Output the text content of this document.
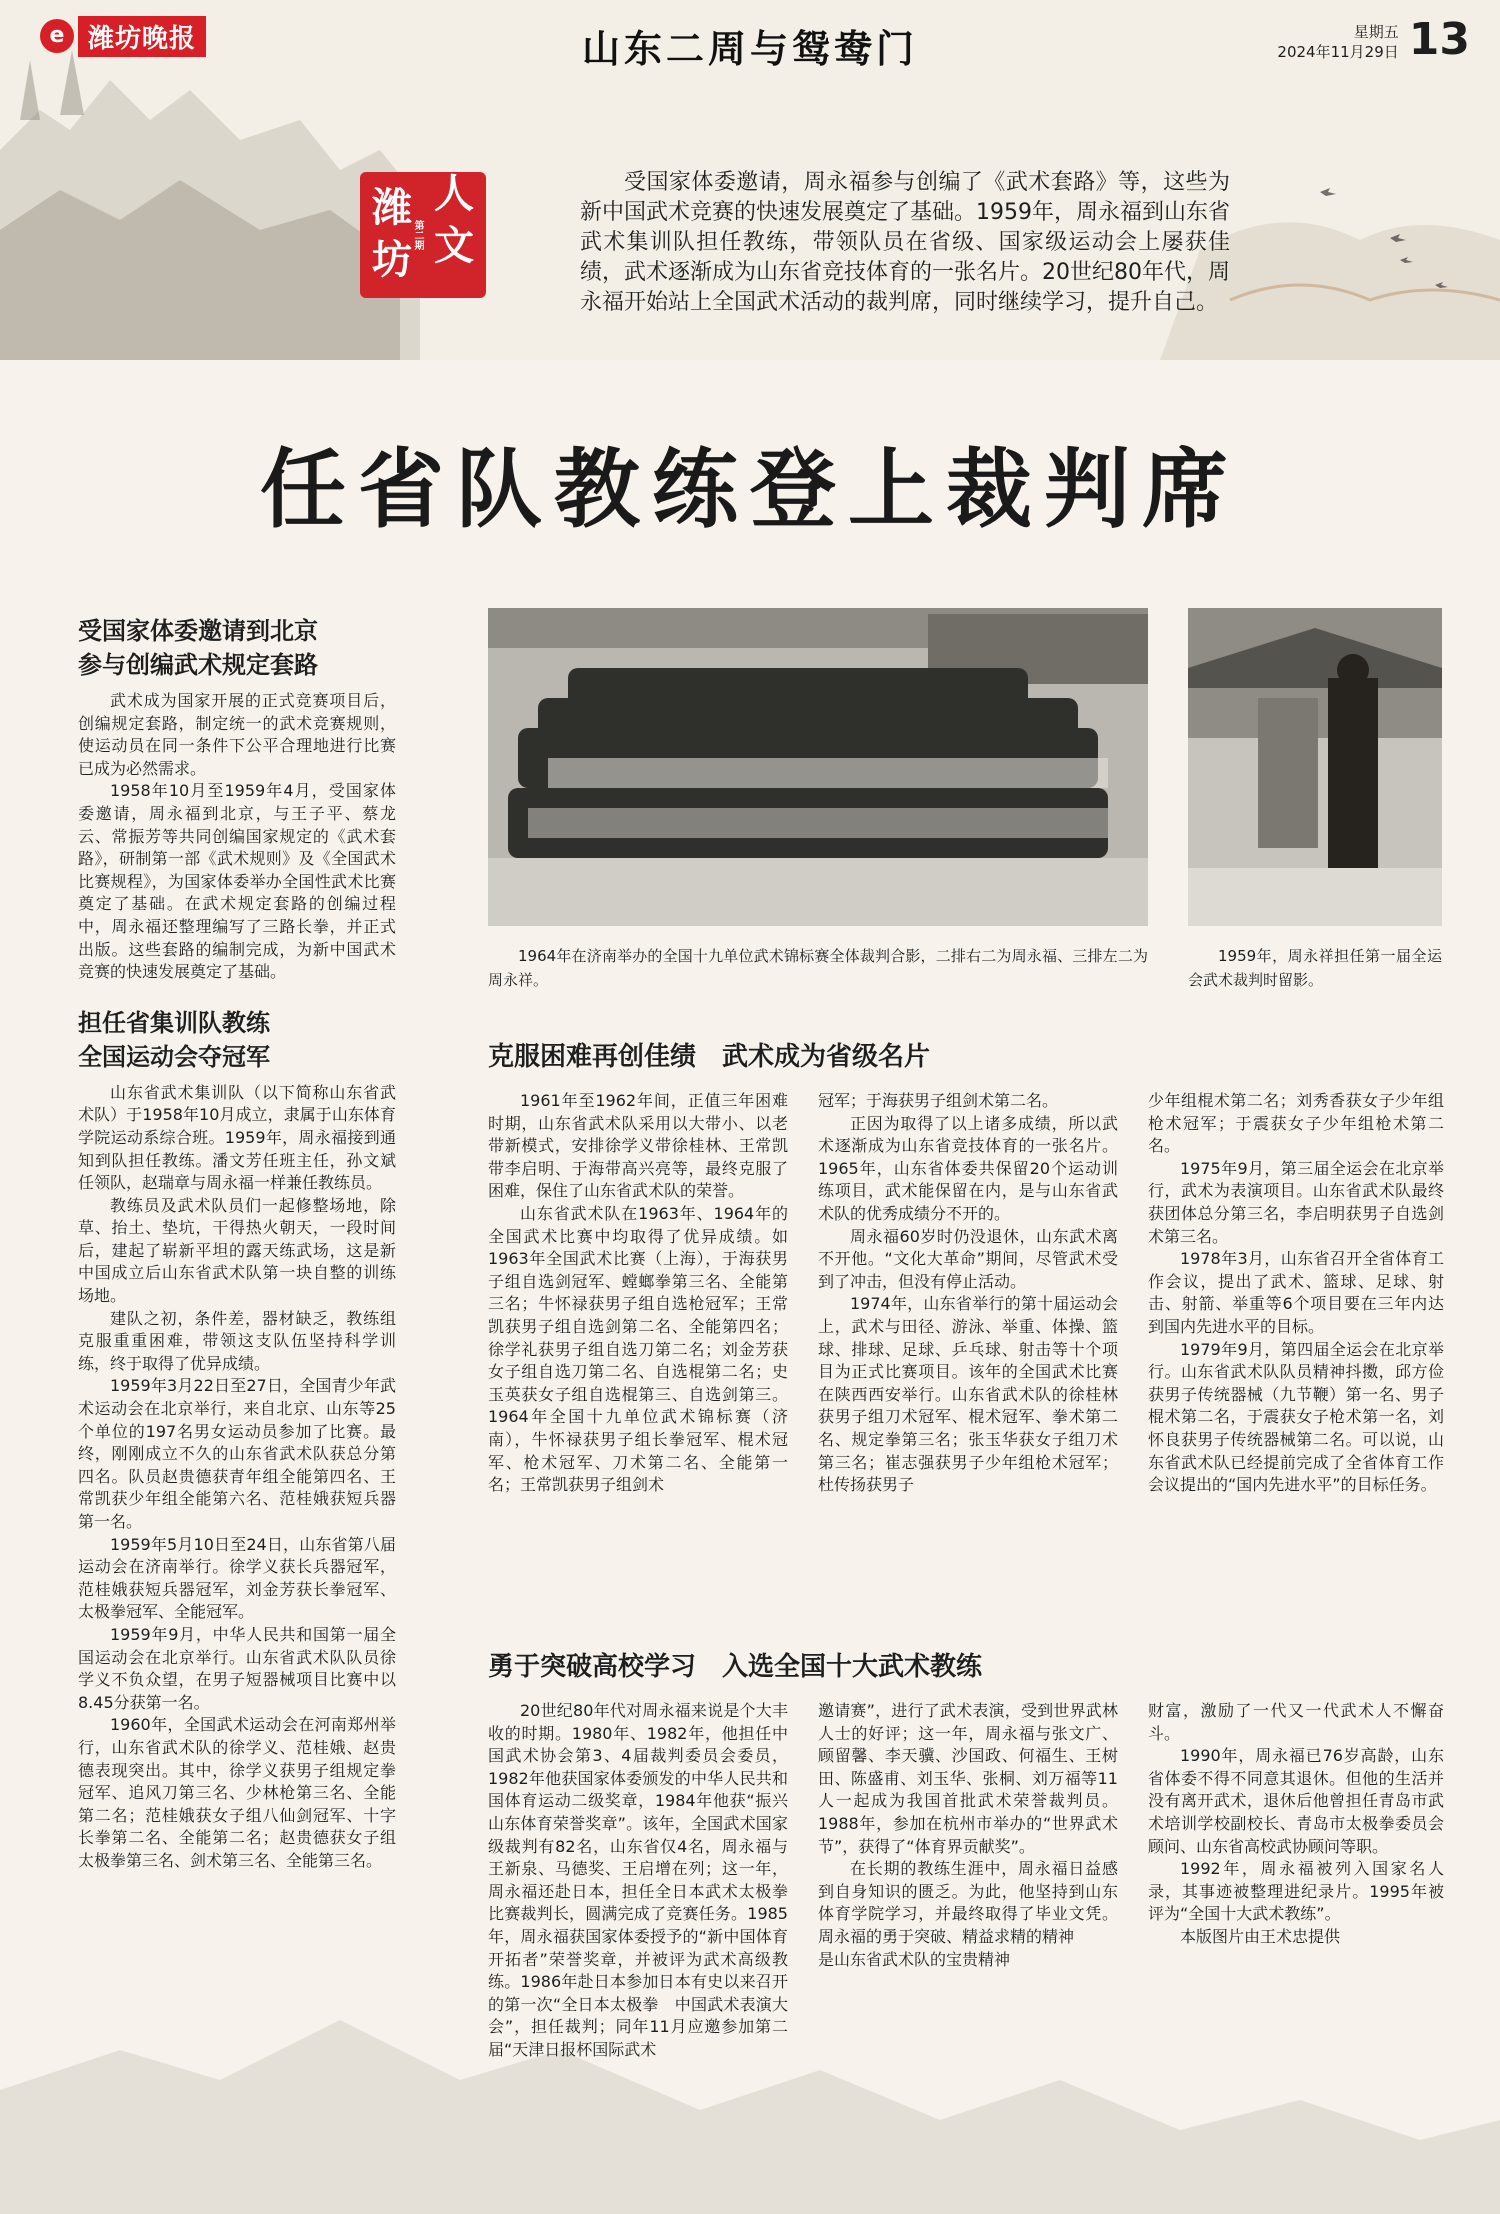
e 潍坊晚报	山东二周与鸳鸯门	星期五
2024年11月29日 13
潍 人
坊 文
第二期
受国家体委邀请，周永福参与创编了《武术套路》等，这些为新中国武术竞赛的快速发展奠定了基础。1959年，周永福到山东省武术集训队担任教练，带领队员在省级、国家级运动会上屡获佳绩，武术逐渐成为山东省竞技体育的一张名片。20世纪80年代，周永福开始站上全国武术活动的裁判席，同时继续学习，提升自己。
任省队教练登上裁判席
受国家体委邀请到北京
参与创编武术规定套路

武术成为国家开展的正式竞赛项目后，创编规定套路，制定统一的武术竞赛规则，使运动员在同一条件下公平合理地进行比赛已成为必然需求。

1958年10月至1959年4月，受国家体委邀请，周永福到北京，与王子平、蔡龙云、常振芳等共同创编国家规定的《武术套路》，研制第一部《武术规则》及《全国武术比赛规程》，为国家体委举办全国性武术比赛奠定了基础。在武术规定套路的创编过程中，周永福还整理编写了三路长拳，并正式出版。这些套路的编制完成，为新中国武术竞赛的快速发展奠定了基础。

担任省集训队教练
全国运动会夺冠军

山东省武术集训队（以下简称山东省武术队）于1958年10月成立，隶属于山东体育学院运动系综合班。1959年，周永福接到通知到队担任教练。潘文芳任班主任，孙文斌任领队，赵瑞章与周永福一样兼任教练员。

教练员及武术队员们一起修整场地，除草、抬土、垫坑，干得热火朝天，一段时间后，建起了崭新平坦的露天练武场，这是新中国成立后山东省武术队第一块自整的训练场地。

建队之初，条件差，器材缺乏，教练组克服重重困难，带领这支队伍坚持科学训练，终于取得了优异成绩。

1959年3月22日至27日，全国青少年武术运动会在北京举行，来自北京、山东等25个单位的197名男女运动员参加了比赛。最终，刚刚成立不久的山东省武术队获总分第四名。队员赵贵德获青年组全能第四名、王常凯获少年组全能第六名、范桂娥获短兵器第一名。

1959年5月10日至24日，山东省第八届运动会在济南举行。徐学义获长兵器冠军，范桂娥获短兵器冠军，刘金芳获长拳冠军、太极拳冠军、全能冠军。

1959年9月，中华人民共和国第一届全国运动会在北京举行。山东省武术队队员徐学义不负众望，在男子短器械项目比赛中以8.45分获第一名。

1960年，全国武术运动会在河南郑州举行，山东省武术队的徐学义、范桂娥、赵贵德表现突出。其中，徐学义获男子组规定拳冠军、追风刀第三名、少林枪第三名、全能第二名；范桂娥获女子组八仙剑冠军、十字长拳第二名、全能第二名；赵贵德获女子组太极拳第三名、剑术第三名、全能第三名。

1964年在济南举办的全国十九单位武术锦标赛全体裁判合影，二排右二为周永福、三排左二为周永祥。
1959年，周永祥担任第一届全运会武术裁判时留影。
克服困难再创佳绩　武术成为省级名片

1961年至1962年间，正值三年困难时期，山东省武术队采用以大带小、以老带新模式，安排徐学义带徐桂林、王常凯带李启明、于海带高兴亮等，最终克服了困难，保住了山东省武术队的荣誉。

山东省武术队在1963年、1964年的全国武术比赛中均取得了优异成绩。如1963年全国武术比赛（上海），于海获男子组自选剑冠军、螳螂拳第三名、全能第三名；牛怀禄获男子组自选枪冠军；王常凯获男子组自选剑第二名、全能第四名；徐学礼获男子组自选刀第二名；刘金芳获女子组自选刀第二名、自选棍第二名；史玉英获女子组自选棍第三、自选剑第三。1964年全国十九单位武术锦标赛（济南），牛怀禄获男子组长拳冠军、棍术冠军、枪术冠军、刀术第二名、全能第一名；王常凯获男子组剑术

冠军；于海获男子组剑术第二名。

正因为取得了以上诸多成绩，所以武术逐渐成为山东省竞技体育的一张名片。1965年，山东省体委共保留20个运动训练项目，武术能保留在内，是与山东省武术队的优秀成绩分不开的。

周永福60岁时仍没退休，山东武术离不开他。“文化大革命”期间，尽管武术受到了冲击，但没有停止活动。

1974年，山东省举行的第十届运动会上，武术与田径、游泳、举重、体操、篮球、排球、足球、乒乓球、射击等十个项目为正式比赛项目。该年的全国武术比赛在陕西西安举行。山东省武术队的徐桂林获男子组刀术冠军、棍术冠军、拳术第二名、规定拳第三名；张玉华获女子组刀术第三名；崔志强获男子少年组枪术冠军；杜传扬获男子

少年组棍术第二名；刘秀香获女子少年组枪术冠军；于震获女子少年组枪术第二名。

1975年9月，第三届全运会在北京举行，武术为表演项目。山东省武术队最终获团体总分第三名，李启明获男子自选剑术第三名。

1978年3月，山东省召开全省体育工作会议，提出了武术、篮球、足球、射击、射箭、举重等6个项目要在三年内达到国内先进水平的目标。

1979年9月，第四届全运会在北京举行。山东省武术队队员精神抖擞，邱方俭获男子传统器械（九节鞭）第一名、男子棍术第二名，于震获女子枪术第一名，刘怀良获男子传统器械第二名。可以说，山东省武术队已经提前完成了全省体育工作会议提出的“国内先进水平”的目标任务。

勇于突破高校学习　入选全国十大武术教练

20世纪80年代对周永福来说是个大丰收的时期。1980年、1982年，他担任中国武术协会第3、4届裁判委员会委员，1982年他获国家体委颁发的中华人民共和国体育运动二级奖章，1984年他获“振兴山东体育荣誉奖章”。该年，全国武术国家级裁判有82名，山东省仅4名，周永福与王新泉、马德奖、王启增在列；这一年，周永福还赴日本，担任全日本武术太极拳比赛裁判长，圆满完成了竞赛任务。1985年，周永福获国家体委授予的“新中国体育开拓者”荣誉奖章，并被评为武术高级教练。1986年赴日本参加日本有史以来召开的第一次“全日本太极拳　中国武术表演大会”，担任裁判；同年11月应邀参加第二届“天津日报杯国际武术

邀请赛”，进行了武术表演，受到世界武林人士的好评；这一年，周永福与张文广、顾留馨、李天骥、沙国政、何福生、王树田、陈盛甫、刘玉华、张桐、刘万福等11人一起成为我国首批武术荣誉裁判员。1988年，参加在杭州市举办的“世界武术节”，获得了“体育界贡献奖”。

在长期的教练生涯中，周永福日益感到自身知识的匮乏。为此，他坚持到山东体育学院学习，并最终取得了毕业文凭。周永福的勇于突破、精益求精的精神

是山东省武术队的宝贵精神

财富，激励了一代又一代武术人不懈奋斗。

1990年，周永福已76岁高龄，山东省体委不得不同意其退休。但他的生活并没有离开武术，退休后他曾担任青岛市武术培训学校副校长、青岛市太极拳委员会顾问、山东省高校武协顾问等职。

1992年，周永福被列入国家名人录，其事迹被整理进纪录片。1995年被评为“全国十大武术教练”。

本版图片由王术忠提供
